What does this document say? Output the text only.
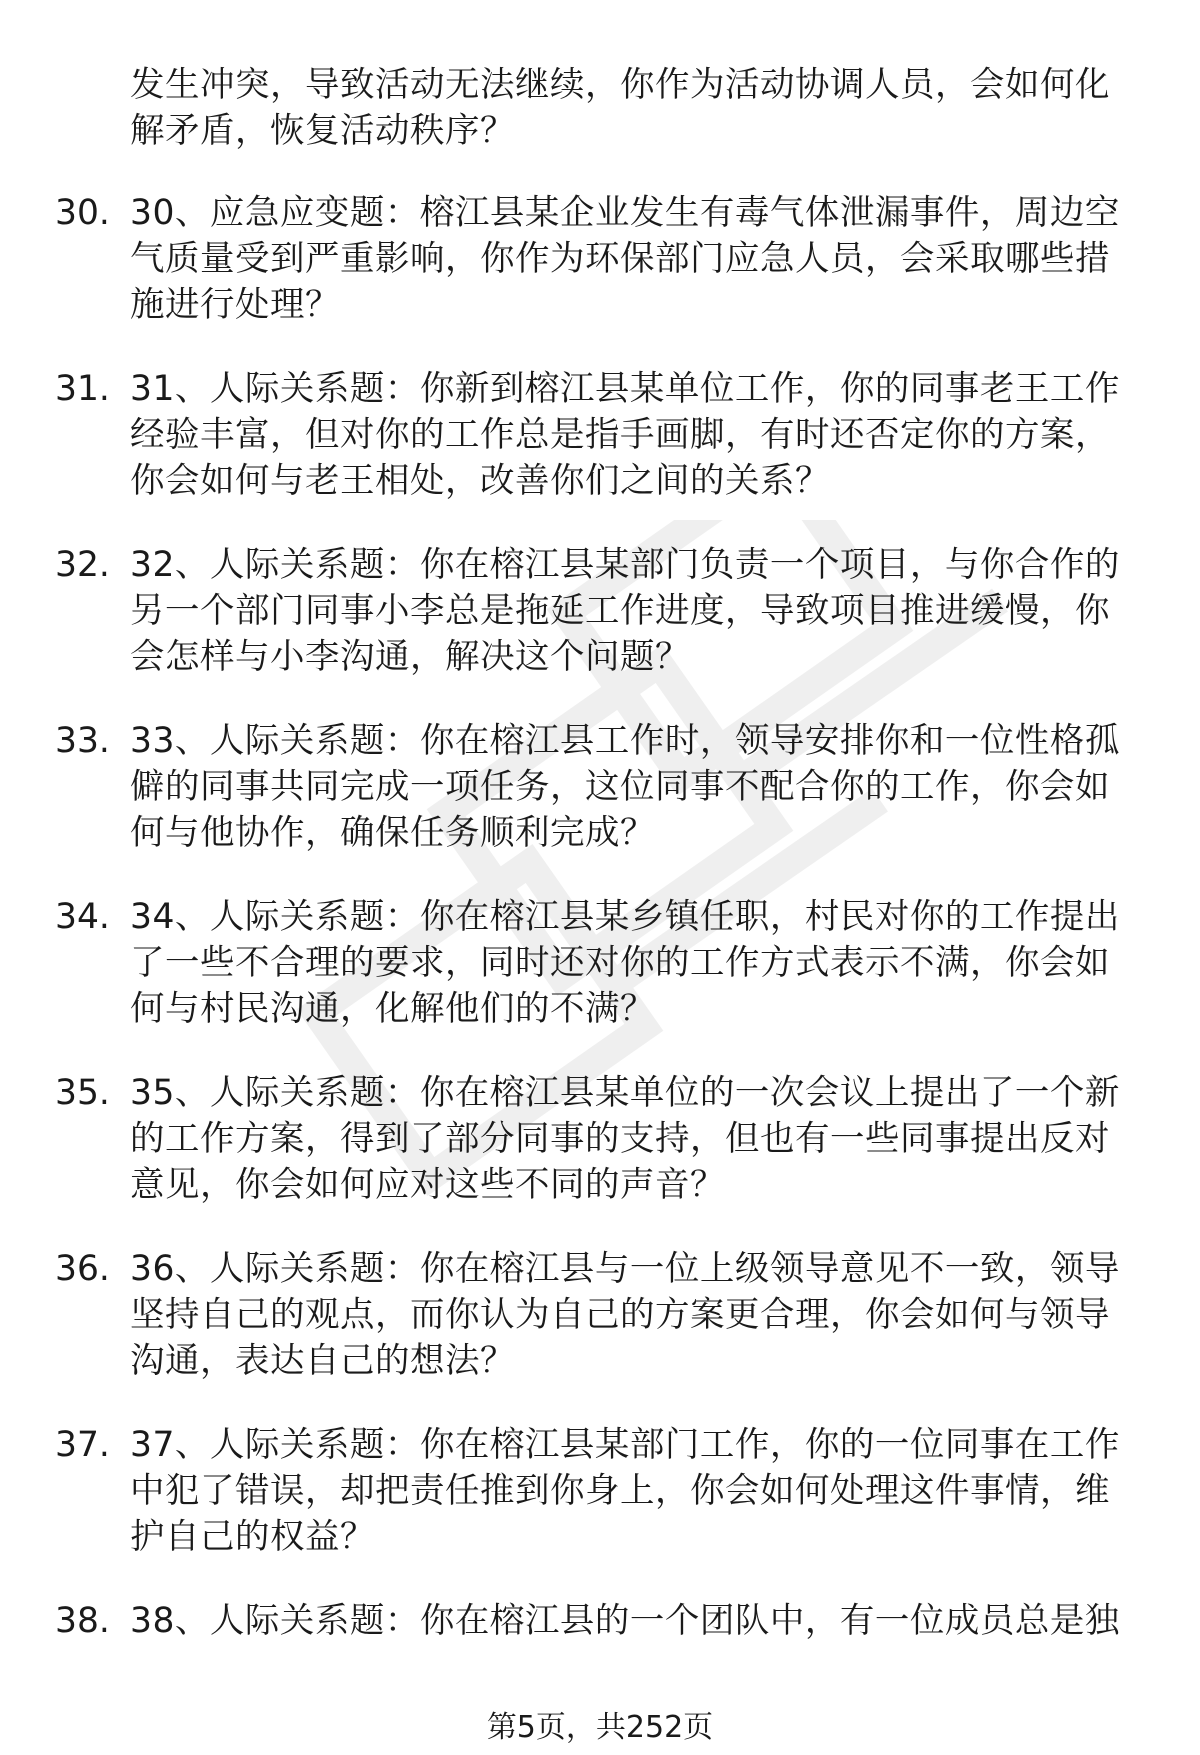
发生冲突，导致活动无法继续，你作为活动协调人员，会如何化解矛盾，恢复活动秩序？

30. 30、应急应变题：榕江县某企业发生有毒气体泄漏事件，周边空气质量受到严重影响，你作为环保部门应急人员，会采取哪些措施进行处理？

31. 31、人际关系题：你新到榕江县某单位工作，你的同事老王工作经验丰富，但对你的工作总是指手画脚，有时还否定你的方案，你会如何与老王相处，改善你们之间的关系？

32. 32、人际关系题：你在榕江县某部门负责一个项目，与你合作的另一个部门同事小李总是拖延工作进度，导致项目推进缓慢，你会怎样与小李沟通，解决这个问题？

33. 33、人际关系题：你在榕江县工作时，领导安排你和一位性格孤僻的同事共同完成一项任务，这位同事不配合你的工作，你会如何与他协作，确保任务顺利完成？

34. 34、人际关系题：你在榕江县某乡镇任职，村民对你的工作提出了一些不合理的要求，同时还对你的工作方式表示不满，你会如何与村民沟通，化解他们的不满？

35. 35、人际关系题：你在榕江县某单位的一次会议上提出了一个新的工作方案，得到了部分同事的支持，但也有一些同事提出反对意见，你会如何应对这些不同的声音？

36. 36、人际关系题：你在榕江县与一位上级领导意见不一致，领导坚持自己的观点，而你认为自己的方案更合理，你会如何与领导沟通，表达自己的想法？

37. 37、人际关系题：你在榕江县某部门工作，你的一位同事在工作中犯了错误，却把责任推到你身上，你会如何处理这件事情，维护自己的权益？

38. 38、人际关系题：你在榕江县的一个团队中，有一位成员总是独

第5页，共252页
